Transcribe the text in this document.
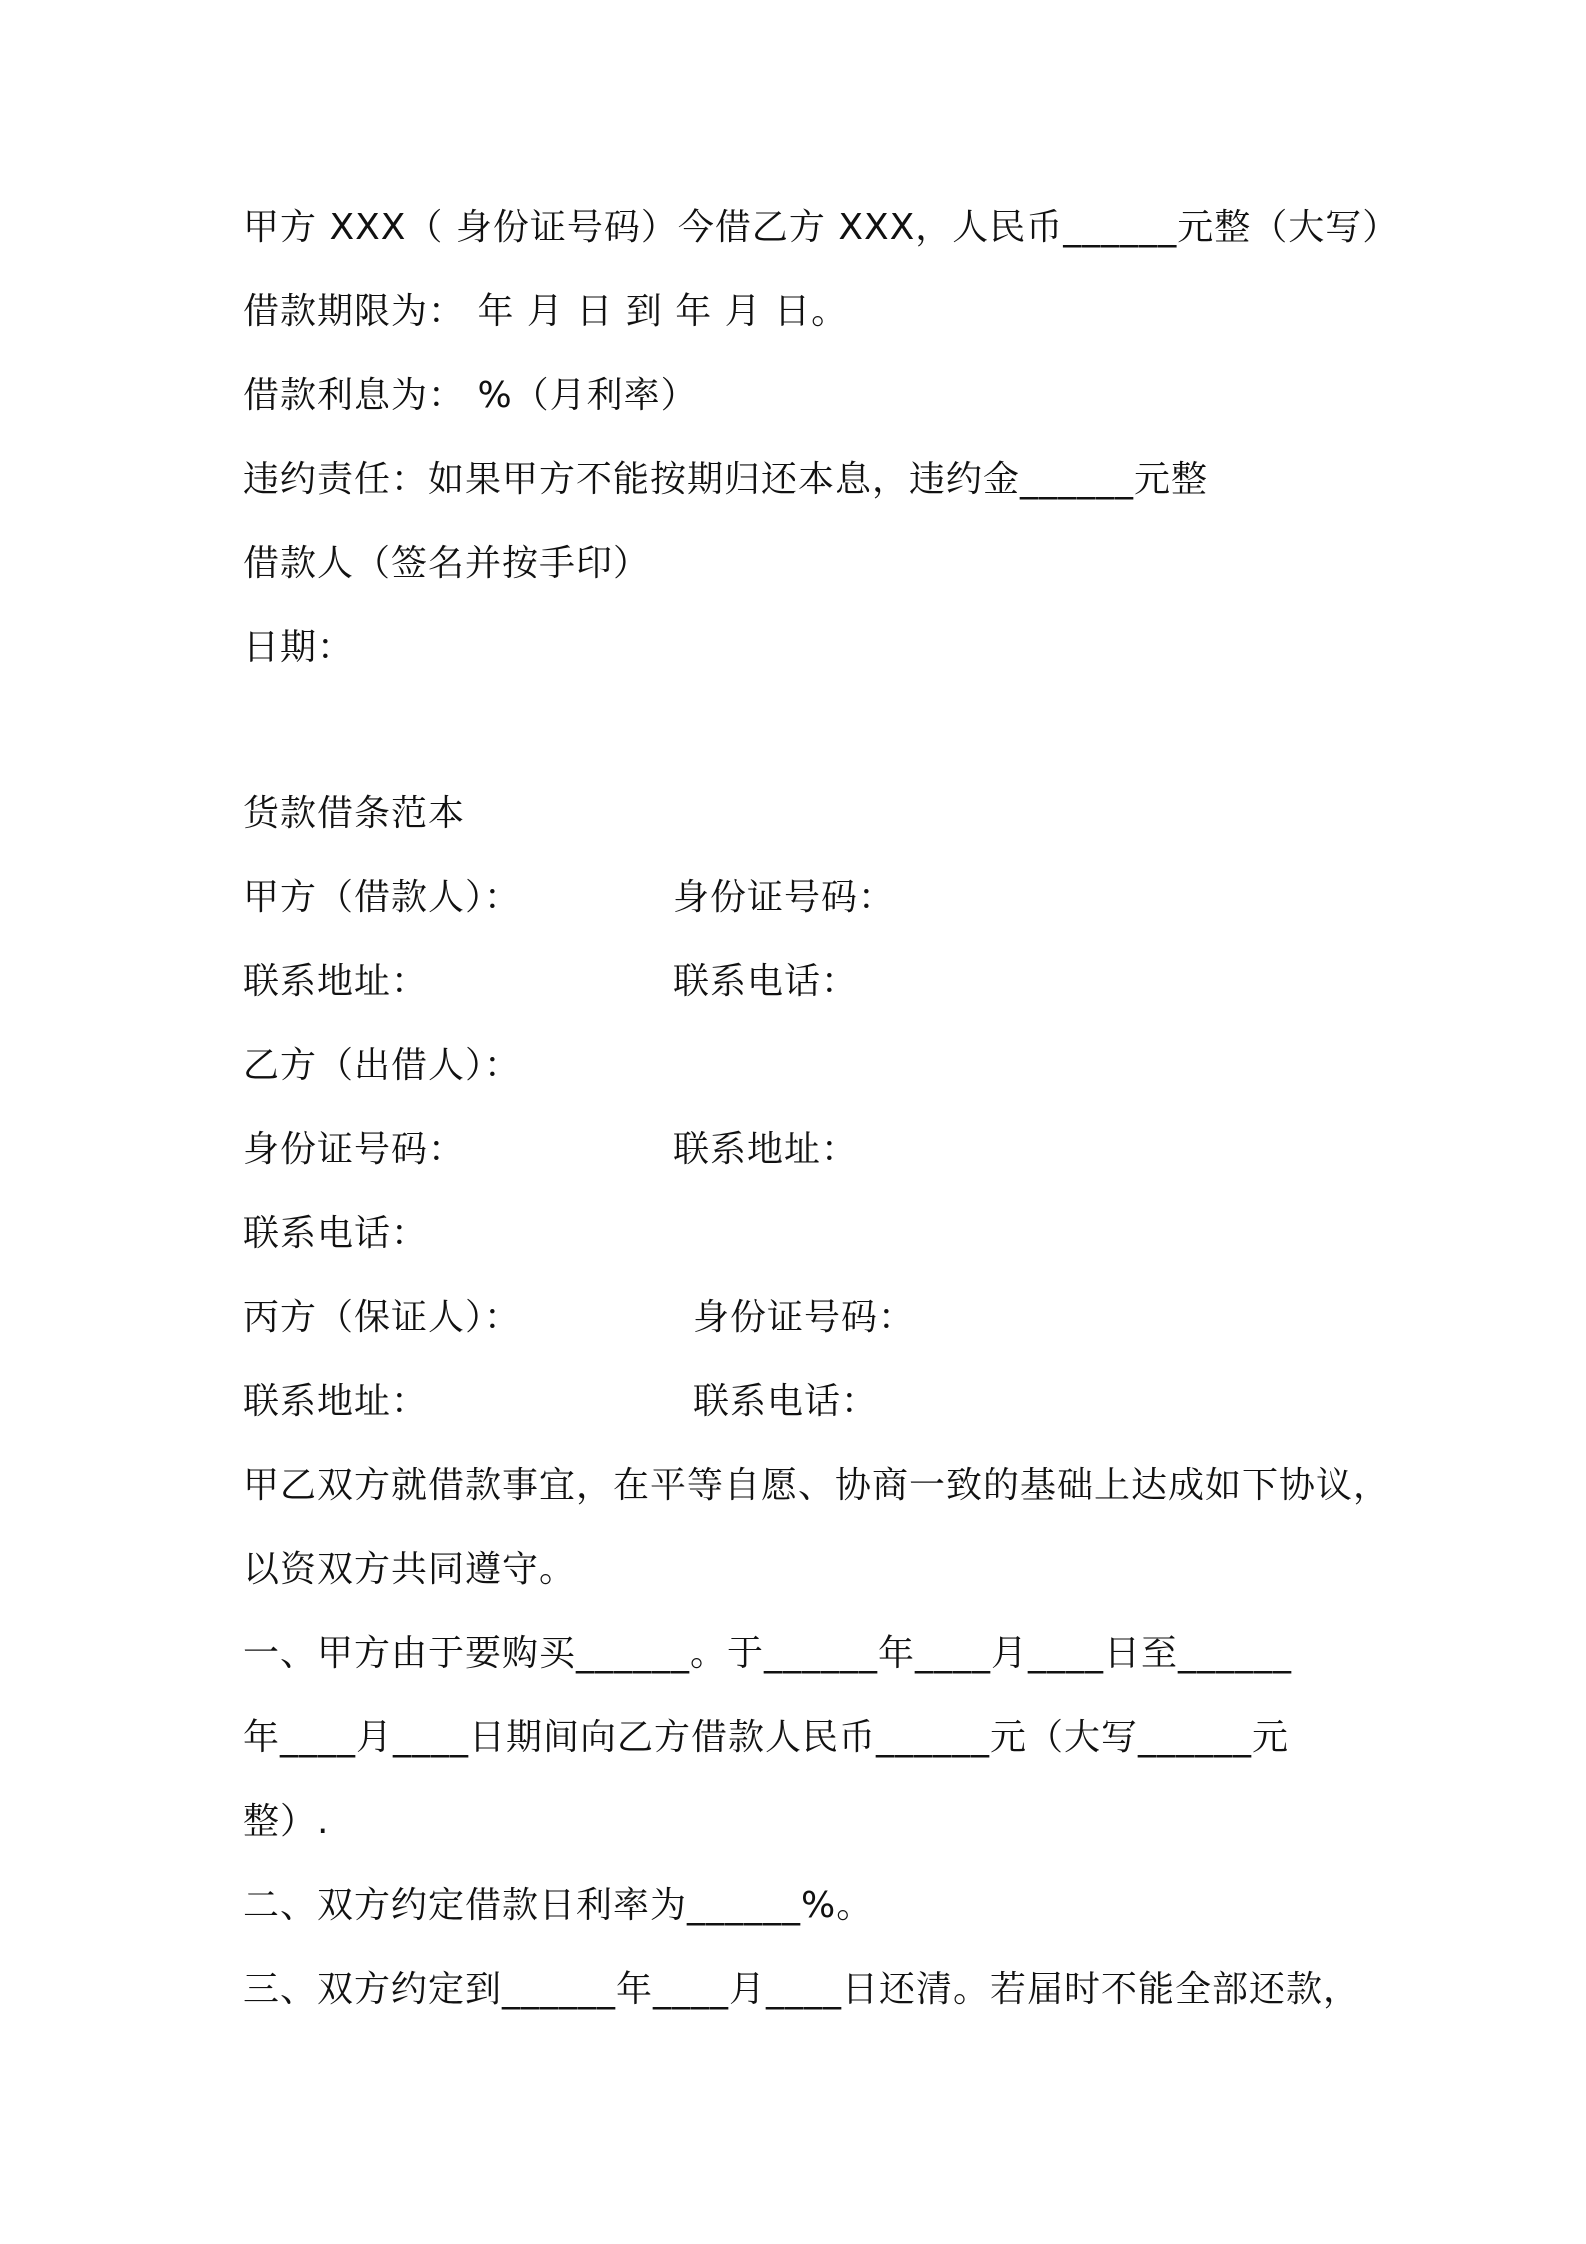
甲方 XXX（ 身份证号码）今借乙方 XXX，人民币______元整（大写）
借款期限为： 年 月 日 到 年 月 日。
借款利息为： %（月利率）
违约责任：如果甲方不能按期归还本息，违约金______元整
借款人（签名并按手印）
日期：
货款借条范本
甲方（借款人）：	身份证号码：
联系地址：	联系电话：
乙方（出借人）：
身份证号码：	联系地址：
联系电话：
丙方（保证人）：	身份证号码：
联系地址：	联系电话：
甲乙双方就借款事宜，在平等自愿、协商一致的基础上达成如下协议，
以资双方共同遵守。
一、甲方由于要购买______。于______年____月____日至______
年____月____日期间向乙方借款人民币______元（大写______元
整）.
二、双方约定借款日利率为______%。
三、双方约定到______年____月____日还清。若届时不能全部还款，
